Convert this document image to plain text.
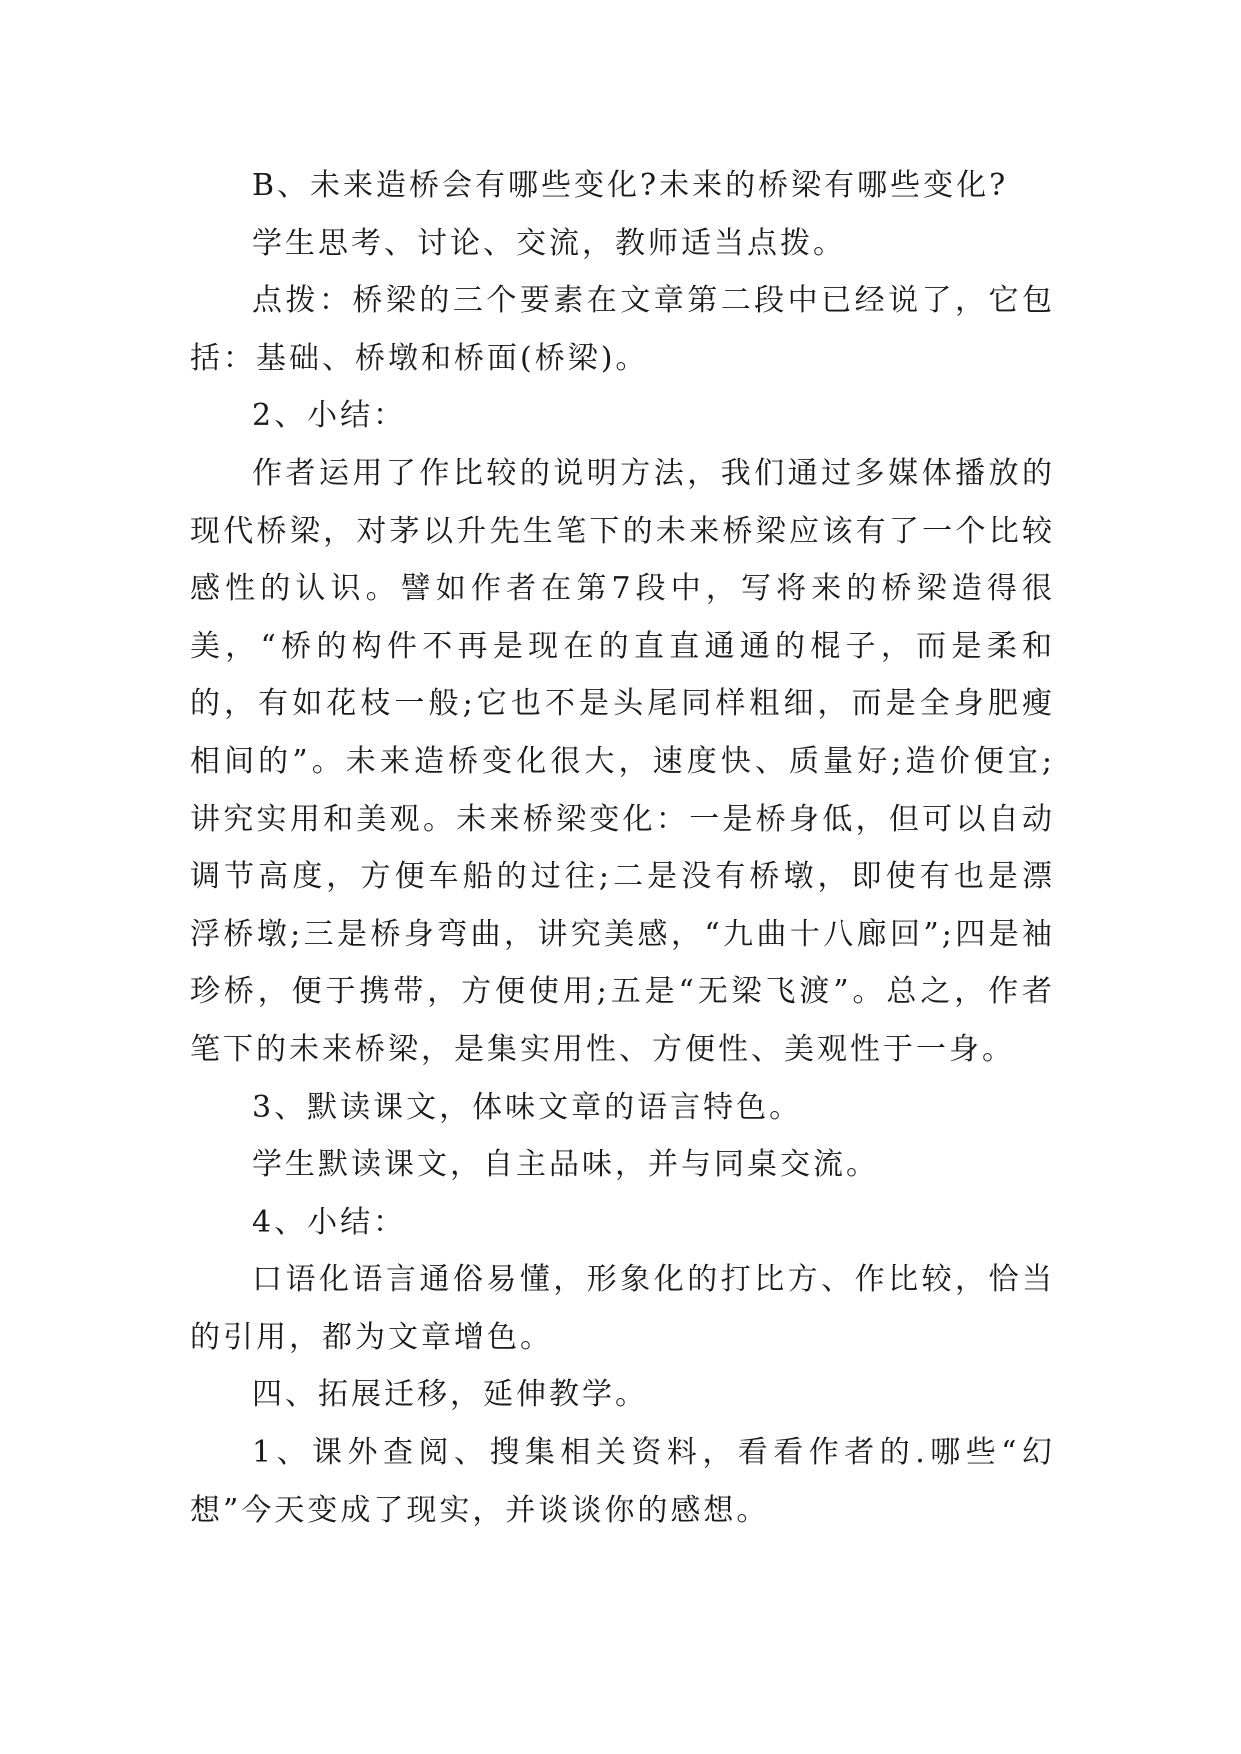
B、未来造桥会有哪些变化?未来的桥梁有哪些变化?

学生思考、讨论、交流，教师适当点拨。

点拨：桥梁的三个要素在文章第二段中已经说了，它包括：基础、桥墩和桥面(桥梁)。

2、小结：

作者运用了作比较的说明方法，我们通过多媒体播放的现代桥梁，对茅以升先生笔下的未来桥梁应该有了一个比较感性的认识。譬如作者在第7段中，写将来的桥梁造得很美，“桥的构件不再是现在的直直通通的棍子，而是柔和的，有如花枝一般;它也不是头尾同样粗细，而是全身肥瘦相间的”。未来造桥变化很大，速度快、质量好;造价便宜;讲究实用和美观。未来桥梁变化：一是桥身低，但可以自动调节高度，方便车船的过往;二是没有桥墩，即使有也是漂浮桥墩;三是桥身弯曲，讲究美感，“九曲十八廊回”;四是袖珍桥，便于携带，方便使用;五是“无梁飞渡”。总之，作者笔下的未来桥梁，是集实用性、方便性、美观性于一身。

3、默读课文，体味文章的语言特色。

学生默读课文，自主品味，并与同桌交流。

4、小结：

口语化语言通俗易懂，形象化的打比方、作比较，恰当的引用，都为文章增色。

四、拓展迁移，延伸教学。

1、课外查阅、搜集相关资料，看看作者的.哪些“幻想”今天变成了现实，并谈谈你的感想。
